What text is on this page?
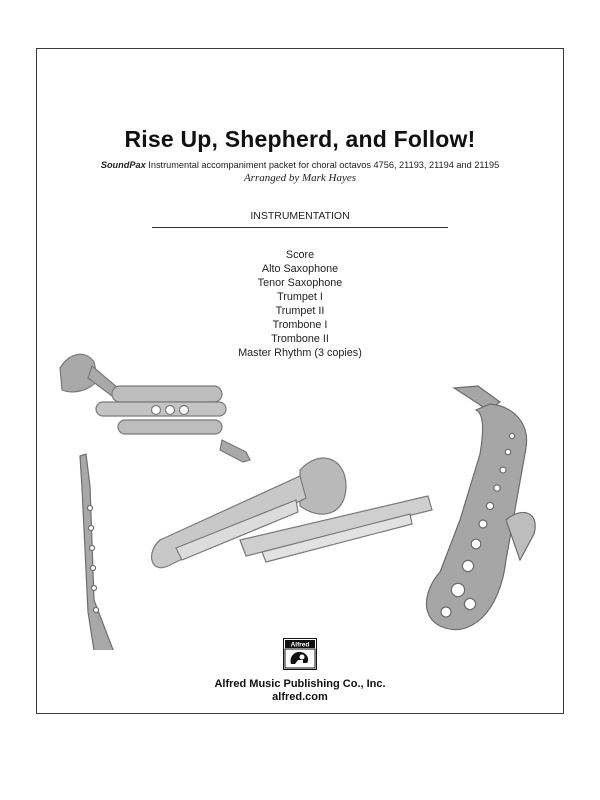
Rise Up, Shepherd, and Follow!
SoundPax Instrumental accompaniment packet for choral octavos 4756, 21193, 21194 and 21195
Arranged by Mark Hayes
INSTRUMENTATION
Score
Alto Saxophone
Tenor Saxophone
Trumpet I
Trumpet II
Trombone I
Trombone II
Master Rhythm (3 copies)
Alfred
Alfred Music Publishing Co., Inc.
alfred.com
